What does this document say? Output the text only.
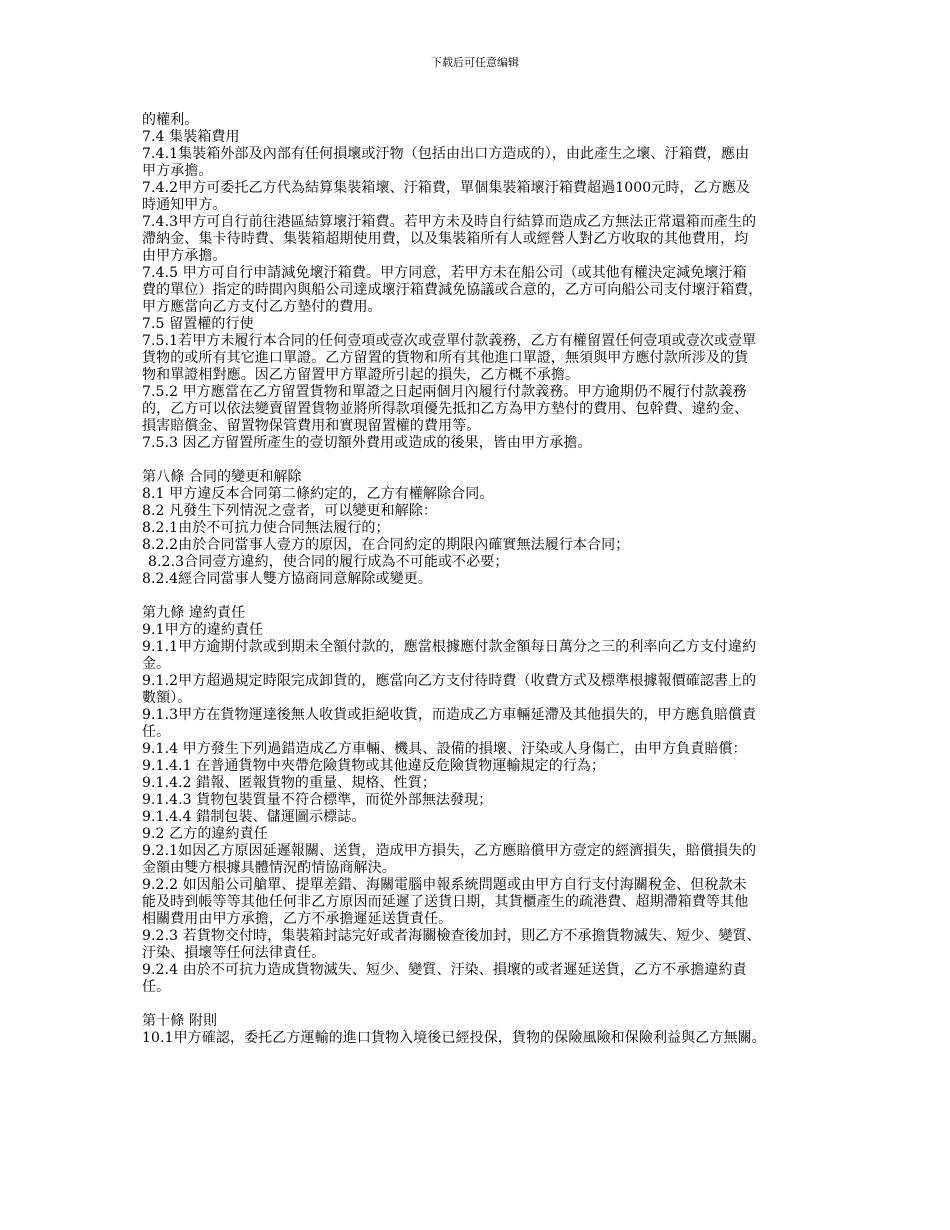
下载后可任意编辑
的權利。
7.4 集裝箱費用
7.4.1集裝箱外部及內部有任何損壞或汙物（包括由出口方造成的），由此產生之壞、汙箱費，應由
甲方承擔。
7.4.2甲方可委托乙方代為結算集裝箱壞、汙箱費，單個集裝箱壞汙箱費超過1000元時，乙方應及
時通知甲方。
7.4.3甲方可自行前往港區結算壞汙箱費。若甲方未及時自行結算而造成乙方無法正常還箱而產生的
滯納金、集卡待時費、集裝箱超期使用費，以及集裝箱所有人或經營人對乙方收取的其他費用，均
由甲方承擔。
7.4.5 甲方可自行申請減免壞汙箱費。甲方同意，若甲方未在船公司（或其他有權決定減免壞汙箱
費的單位）指定的時間內與船公司達成壞汙箱費減免協議或合意的，乙方可向船公司支付壞汙箱費，
甲方應當向乙方支付乙方墊付的費用。
7.5 留置權的行使
7.5.1若甲方未履行本合同的任何壹項或壹次或壹單付款義務，乙方有權留置任何壹項或壹次或壹單
貨物的或所有其它進口單證。乙方留置的貨物和所有其他進口單證，無須與甲方應付款所涉及的貨
物和單證相對應。因乙方留置甲方單證所引起的損失，乙方概不承擔。
7.5.2 甲方應當在乙方留置貨物和單證之日起兩個月內履行付款義務。甲方逾期仍不履行付款義務
的，乙方可以依法變賣留置貨物並將所得款項優先抵扣乙方為甲方墊付的費用、包幹費、違約金、
損害賠償金、留置物保管費用和實現留置權的費用等。
7.5.3 因乙方留置所產生的壹切額外費用或造成的後果，皆由甲方承擔。
第八條 合同的變更和解除
8.1 甲方違反本合同第二條約定的，乙方有權解除合同。
8.2 凡發生下列情況之壹者，可以變更和解除：
8.2.1由於不可抗力使合同無法履行的；
8.2.2由於合同當事人壹方的原因，在合同約定的期限內確實無法履行本合同；
8.2.3合同壹方違約，使合同的履行成為不可能或不必要；
8.2.4經合同當事人雙方協商同意解除或變更。
第九條 違約責任
9.1甲方的違約責任
9.1.1甲方逾期付款或到期未全額付款的，應當根據應付款金額每日萬分之三的利率向乙方支付違約
金。
9.1.2甲方超過規定時限完成卸貨的，應當向乙方支付待時費（收費方式及標準根據報價確認書上的
數額）。
9.1.3甲方在貨物運達後無人收貨或拒絕收貨，而造成乙方車輛延滯及其他損失的，甲方應負賠償責
任。
9.1.4 甲方發生下列過錯造成乙方車輛、機具、設備的損壞、汙染或人身傷亡，由甲方負責賠償：
9.1.4.1 在普通貨物中夾帶危險貨物或其他違反危險貨物運輸規定的行為；
9.1.4.2 錯報、匿報貨物的重量、規格、性質；
9.1.4.3 貨物包裝質量不符合標準，而從外部無法發現；
9.1.4.4 錯制包裝、儲運圖示標誌。
9.2 乙方的違約責任
9.2.1如因乙方原因延遲報關、送貨，造成甲方損失，乙方應賠償甲方壹定的經濟損失，賠償損失的
金額由雙方根據具體情況酌情協商解決。
9.2.2 如因船公司艙單、提單差錯、海關電腦申報系統問題或由甲方自行支付海關稅金、但稅款未
能及時到帳等等其他任何非乙方原因而延遲了送貨日期，其貨櫃產生的疏港費、超期滯箱費等其他
相關費用由甲方承擔，乙方不承擔遲延送貨責任。
9.2.3 若貨物交付時，集裝箱封誌完好或者海關檢查後加封，則乙方不承擔貨物滅失、短少、變質、
汙染、損壞等任何法律責任。
9.2.4 由於不可抗力造成貨物滅失、短少、變質、汙染、損壞的或者遲延送貨，乙方不承擔違約責
任。
第十條 附則
10.1甲方確認，委托乙方運輸的進口貨物入境後已經投保，貨物的保險風險和保險利益與乙方無關。
